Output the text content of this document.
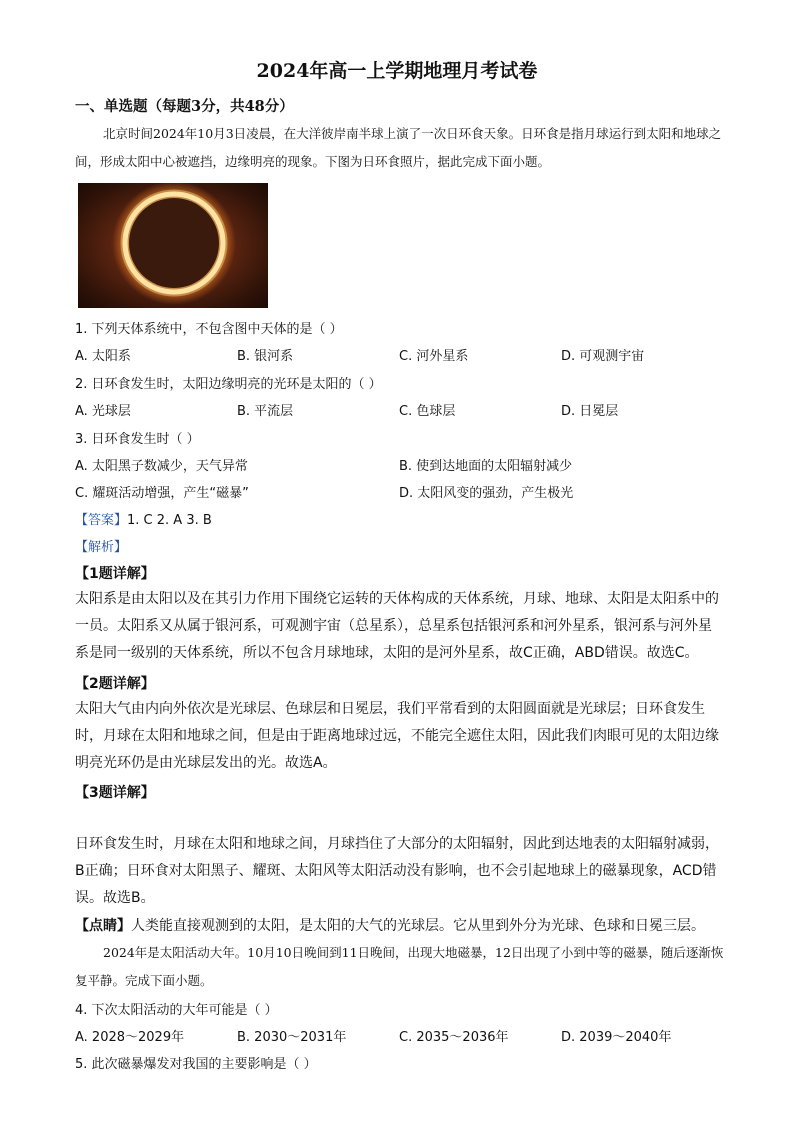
2024年高一上学期地理月考试卷
一、单选题（每题3分，共48分）
北京时间2024年10月3日凌晨，在大洋彼岸南半球上演了一次日环食天象。日环食是指月球运行到太阳和地球之间，形成太阳中心被遮挡，边缘明亮的现象。下图为日环食照片，据此完成下面小题。
1. 下列天体系统中，不包含图中天体的是（ ）
A. 太阳系	B. 银河系	C. 河外星系	D. 可观测宇宙
2. 日环食发生时，太阳边缘明亮的光环是太阳的（ ）
A. 光球层	B. 平流层	C. 色球层	D. 日冕层
3. 日环食发生时（ ）
A. 太阳黑子数减少，天气异常	B. 使到达地面的太阳辐射减少
C. 耀斑活动增强，产生“磁暴”	D. 太阳风变的强劲，产生极光
【答案】1. C 2. A 3. B
【解析】
【1题详解】
太阳系是由太阳以及在其引力作用下围绕它运转的天体构成的天体系统，月球、地球、太阳是太阳系中的一员。太阳系又从属于银河系，可观测宇宙（总星系），总星系包括银河系和河外星系，银河系与河外星系是同一级别的天体系统，所以不包含月球地球，太阳的是河外星系，故C正确，ABD错误。故选C。
【2题详解】
太阳大气由内向外依次是光球层、色球层和日冕层，我们平常看到的太阳圆面就是光球层；日环食发生时，月球在太阳和地球之间，但是由于距离地球过远，不能完全遮住太阳，因此我们肉眼可见的太阳边缘明亮光环仍是由光球层发出的光。故选A。
【3题详解】
日环食发生时，月球在太阳和地球之间，月球挡住了大部分的太阳辐射，因此到达地表的太阳辐射减弱，B正确；日环食对太阳黑子、耀斑、太阳风等太阳活动没有影响，也不会引起地球上的磁暴现象，ACD错误。故选B。
【点睛】人类能直接观测到的太阳，是太阳的大气的光球层。它从里到外分为光球、色球和日冕三层。
2024年是太阳活动大年。10月10日晚间到11日晚间，出现大地磁暴，12日出现了小到中等的磁暴，随后逐渐恢复平静。完成下面小题。
4. 下次太阳活动的大年可能是（ ）
A. 2028～2029年	B. 2030～2031年	C. 2035～2036年	D. 2039～2040年
5. 此次磁暴爆发对我国的主要影响是（ ）
